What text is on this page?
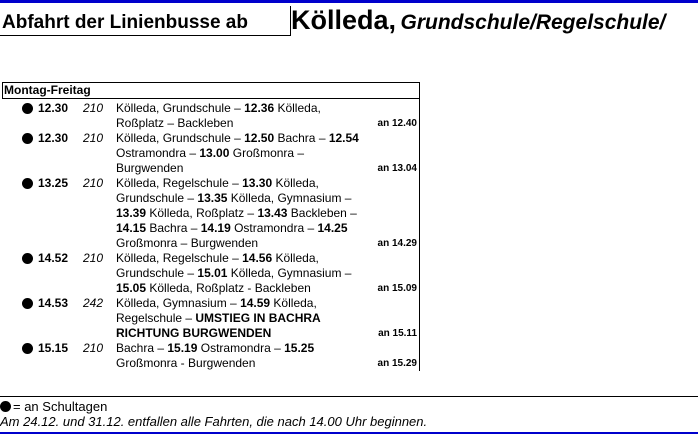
Abfahrt der Linienbusse ab Kölleda, Grundschule/Regelschule/
Montag-Freitag
12.30 210 Kölleda, Grundschule – 12.36 Kölleda, Roßplatz – Backleben	an 12.40
12.30 210 Kölleda, Grundschule – 12.50 Bachra – 12.54 Ostramondra – 13.00 Großmonra – Burgwenden	an 13.04
13.25 210 Kölleda, Regelschule – 13.30 Kölleda, Grundschule – 13.35 Kölleda, Gymnasium – 13.39 Kölleda, Roßplatz – 13.43 Backleben – 14.15 Bachra – 14.19 Ostramondra – 14.25 Großmonra – Burgwenden	an 14.29
14.52 210 Kölleda, Regelschule – 14.56 Kölleda, Grundschule – 15.01 Kölleda, Gymnasium – 15.05 Kölleda, Roßplatz - Backleben	an 15.09
14.53 242 Kölleda, Gymnasium – 14.59 Kölleda, Regelschule – UMSTIEG IN BACHRA RICHTUNG BURGWENDEN	an 15.11
15.15 210 Bachra – 15.19 Ostramondra – 15.25 Großmonra - Burgwenden	an 15.29
= an Schultagen
Am 24.12. und 31.12. entfallen alle Fahrten, die nach 14.00 Uhr beginnen.
